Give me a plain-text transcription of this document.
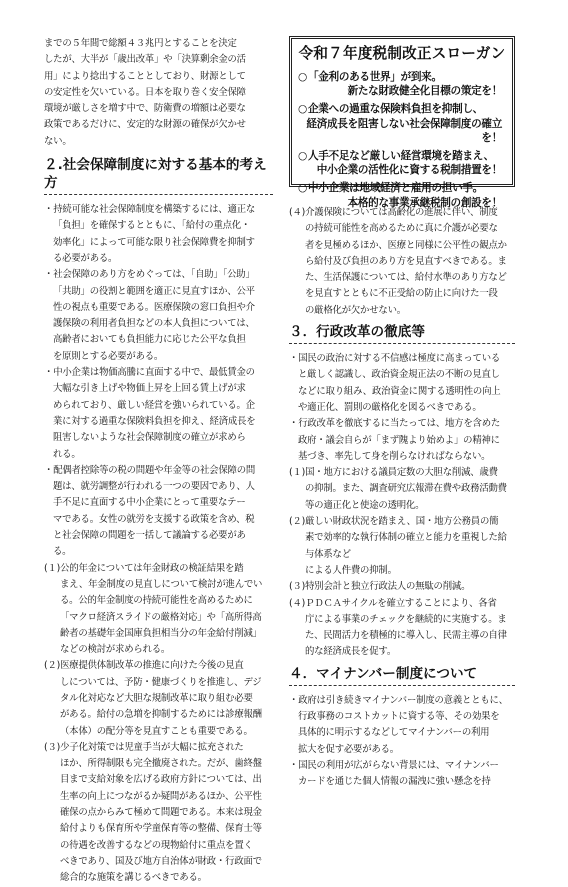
までの５年間で総額４３兆円とすることを決定
したが、大半が「歳出改革」や「決算剰余金の活
用」により捻出することとしており、財源として
の安定性を欠いている。日本を取り巻く安全保障
環境が厳しさを増す中で、防衛費の増額は必要な
政策であるだけに、安定的な財源の確保が欠かせ
ない。
２.社会保障制度に対する基本的考え方
・ 持続可能な社会保障制度を構築するには、適正な
「負担」を確保するとともに、「給付の重点化・
効率化」によって可能な限り社会保障費を抑制す
る必要がある。
・ 社会保障のあり方をめぐっては、「自助」「公助」
「共助」の役割と範囲を適正に見直すほか、公平
性の視点も重要である。医療保険の窓口負担や介
護保険の利用者負担などの本人負担については、
高齢者においても負担能力に応じた公平な負担
を原則とする必要がある。
・ 中小企業は物価高騰に直面する中で、最低賃金の
大幅な引き上げや物価上昇を上回る賃上げが求
められており、厳しい経営を強いられている。企
業に対する過重な保険料負担を抑え、経済成長を
阻害しないような社会保障制度の確立が求めら
れる。
・ 配偶者控除等の税の問題や年金等の社会保障の問
題は、就労調整が行われる一つの要因であり、人
手不足に直面する中小企業にとって重要なテー
マである。女性の就労を支援する政策を含め、税
と社会保障の問題を一括して議論する必要があ
る。
(１)公的年金については年金財政の検証結果を踏
まえ、年金制度の見直しについて検討が進んでい
る。公的年金制度の持続可能性を高めるために
「マクロ経済スライドの厳格対応」や「高所得高
齢者の基礎年金国庫負担相当分の年金給付削減」
などの検討が求められる。
(２)医療提供体制改革の推進に向けた今後の見直
しについては、予防・健康づくりを推進し、デジ
タル化対応など大胆な規制改革に取り組む必要
がある。給付の急増を抑制するためには診療報酬
（本体）の配分等を見直すことも重要である。
(３)少子化対策では児童手当が大幅に拡充された
ほか、所得制限も完全撤廃された。だが、歯終盤
目まで支給対象を広げる政府方針については、出
生率の向上につながるか疑問があるほか、公平性
確保の点からみて極めて問題である。本来は現金
給付よりも保育所や学童保育等の整備、保育士等
の待遇を改善するなどの現物給付に重点を置く
べきであり、国及び地方自治体が財政・行政面で
総合的な施策を講じるべきである。
令和７年度税制改正スローガン
○ 「金利のある世界」が到来。
新たな財政健全化目標の策定を！
○ 企業への過重な保険料負担を抑制し、
経済成長を阻害しない社会保障制度の確立を！
○ 人手不足など厳しい経営環境を踏まえ、
中小企業の活性化に資する税制措置を！
○ 中小企業は地域経済と雇用の担い手。
本格的な事業承継税制の創設を！
(４)介護保険については高齢化の進展に伴い、制度
の持続可能性を高めるために真に介護が必要な
者を見極めるほか、医療と同様に公平性の観点か
ら給付及び負担のあり方を見直すべきである。ま
た、生活保護については、給付水準のあり方など
を見直すとともに不正受給の防止に向けた一段
の厳格化が欠かせない。
３．行政改革の徹底等
・ 国民の政治に対する不信感は極度に高まっている
と厳しく認識し、政治資金規正法の不断の見直し
などに取り組み、政治資金に関する透明性の向上
や適正化、罰則の厳格化を図るべきである。
・ 行政改革を徹底するに当たっては、地方を含めた
政府・議会自らが「まず隗より始めよ」の精神に
基づき、率先して身を削らなければならない。
(１)国・地方における議員定数の大胆な削減、歳費
の抑制。また、調査研究広報滞在費や政務活動費
等の適正化と使途の透明化。
(２)厳しい財政状況を踏まえ、国・地方公務員の簡
素で効率的な執行体制の確立と能力を重視した給与体系など
による人件費の抑制。
(３)特別会計と独立行政法人の無駄の削減。
(４)ＰＤＣＡサイクルを確立することにより、各省
庁による事業のチェックを継続的に実施する。ま
た、民間活力を積極的に導入し、民需主導の自律
的な経済成長を促す。
４．マイナンバー制度について
・ 政府は引き続きマイナンバー制度の意義とともに、
行政事務のコストカットに資する等、その効果を
具体的に明示するなどしてマイナンバーの利用
拡大を促す必要がある。
・ 国民の利用が広がらない背景には、マイナンバー
カードを通じた個人情報の漏洩に強い懸念を持
